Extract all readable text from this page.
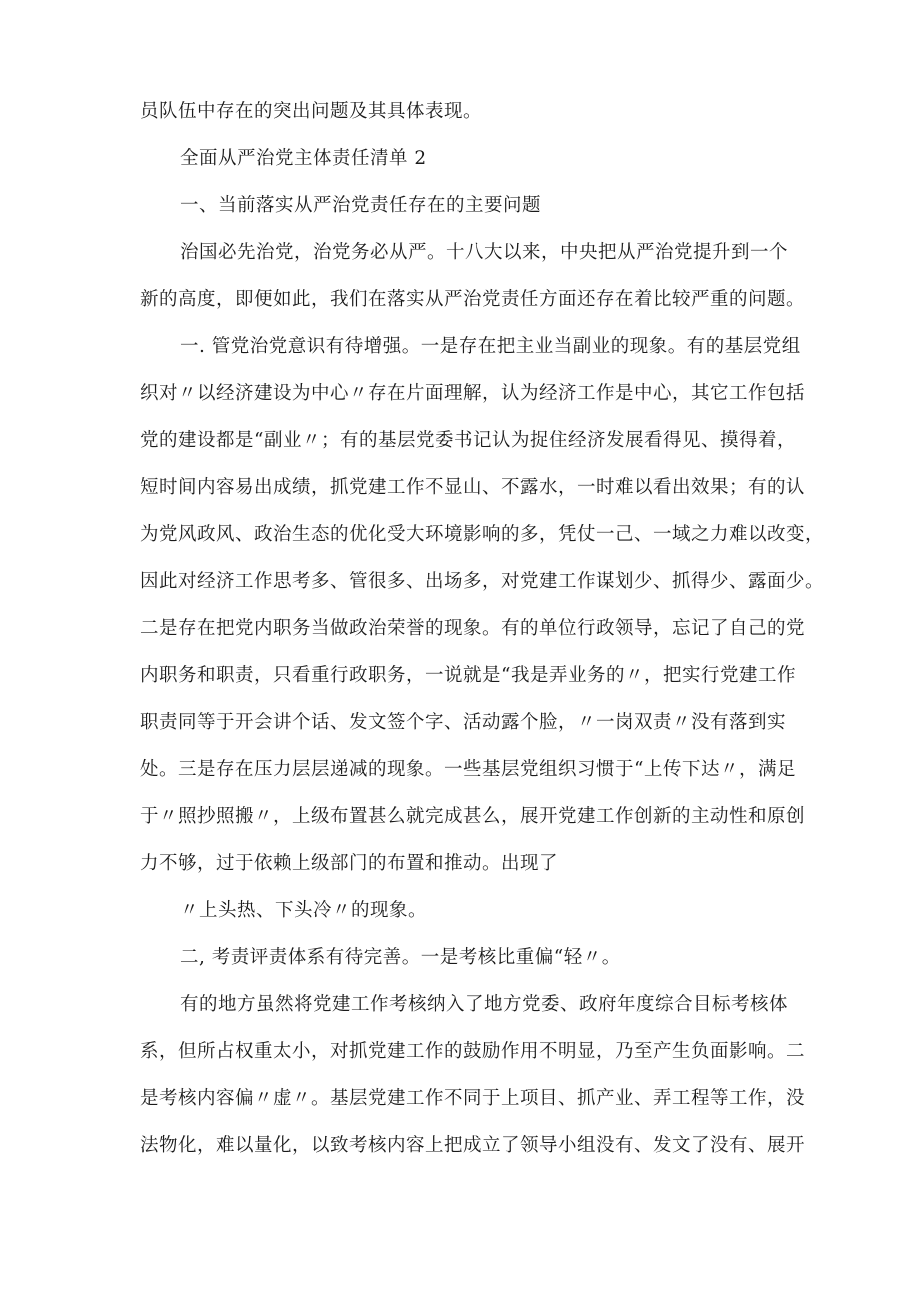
员队伍中存在的突出问题及其具体表现。
全面从严治党主体责任清单 2
一、当前落实从严治党责任存在的主要问题
治国必先治党，治党务必从严。十八大以来，中央把从严治党提升到一个
新的高度，即便如此，我们在落实从严治党责任方面还存在着比较严重的问题。
一. 管党治党意识有待增强。一是存在把主业当副业的现象。有的基层党组
织对〃以经济建设为中心〃存在片面理解，认为经济工作是中心，其它工作包括
党的建设都是“副业〃；有的基层党委书记认为捉住经济发展看得见、摸得着，
短时间内容易出成绩，抓党建工作不显山、不露水，一时难以看出效果；有的认
为党风政风、政治生态的优化受大环境影响的多，凭仗一己、一域之力难以改变，
因此对经济工作思考多、管很多、出场多，对党建工作谋划少、抓得少、露面少。
二是存在把党内职务当做政治荣誉的现象。有的单位行政领导，忘记了自己的党
内职务和职责，只看重行政职务，一说就是“我是弄业务的〃，把实行党建工作
职责同等于开会讲个话、发文签个字、活动露个脸，〃一岗双责〃没有落到实
处。三是存在压力层层递减的现象。一些基层党组织习惯于“上传下达〃，满足
于〃照抄照搬〃，上级布置甚么就完成甚么，展开党建工作创新的主动性和原创
力不够，过于依赖上级部门的布置和推动。出现了
〃上头热、下头冷〃的现象。
二, 考责评责体系有待完善。一是考核比重偏“轻〃。
有的地方虽然将党建工作考核纳入了地方党委、政府年度综合目标考核体
系，但所占权重太小，对抓党建工作的鼓励作用不明显，乃至产生负面影响。二
是考核内容偏〃虚〃。基层党建工作不同于上项目、抓产业、弄工程等工作，没
法物化，难以量化，以致考核内容上把成立了领导小组没有、发文了没有、展开
